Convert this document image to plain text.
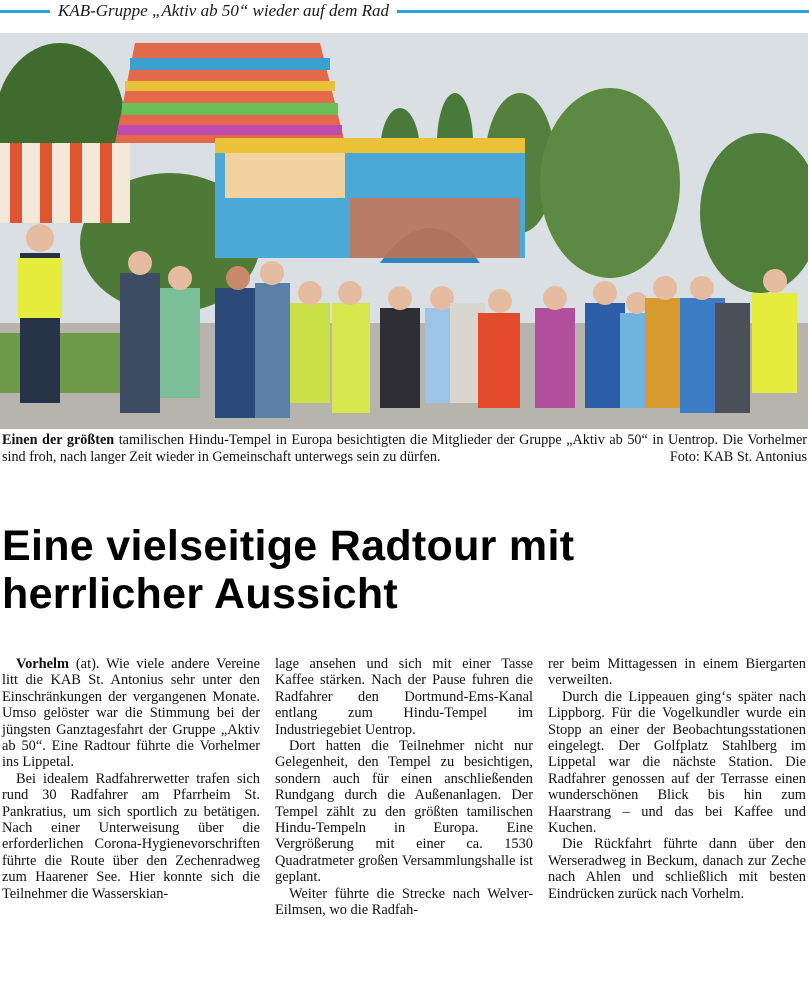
KAB-Gruppe „Aktiv ab 50“ wieder auf dem Rad
Einen der größten tamilischen Hindu-Tempel in Europa besichtigten die Mitglieder der Gruppe „Aktiv ab 50“ in Uentrop. Die Vorhelmer sind froh, nach langer Zeit wieder in Gemeinschaft unterwegs sein zu dürfen.	Foto: KAB St. Antonius
Eine vielseitige Radtour mit
herrlicher Aussicht

Vorhelm (at). Wie viele andere Vereine litt die KAB St. Antonius sehr unter den Einschränkungen der vergangenen Monate. Umso gelöster war die Stimmung bei der jüngsten Ganztagesfahrt der Gruppe „Aktiv ab 50“. Eine Radtour führte die Vorhelmer ins Lippetal.

Bei idealem Radfahrerwetter trafen sich rund 30 Radfahrer am Pfarrheim St. Pankratius, um sich sportlich zu betätigen. Nach einer Unterweisung über die erforderlichen Corona-Hygienevorschriften führte die Route über den Zechenradweg zum Haarener See. Hier konnte sich die Teilnehmer die Wasserskian-

lage ansehen und sich mit einer Tasse Kaffee stärken. Nach der Pause fuhren die Radfahrer den Dortmund-Ems-Kanal entlang zum Hindu-Tempel im Industriegebiet Uentrop.

Dort hatten die Teilnehmer nicht nur Gelegenheit, den Tempel zu besichtigen, sondern auch für einen anschließenden Rundgang durch die Außenanlagen. Der Tempel zählt zu den größten tamilischen Hindu-Tempeln in Europa. Eine Vergrößerung mit einer ca. 1530 Quadratmeter großen Versammlungshalle ist geplant.

Weiter führte die Strecke nach Welver-Eilmsen, wo die Radfah-

rer beim Mittagessen in einem Biergarten verweilten.

Durch die Lippeauen ging‘s später nach Lippborg. Für die Vogelkundler wurde ein Stopp an einer der Beobachtungsstationen eingelegt. Der Golfplatz Stahlberg im Lippetal war die nächste Station. Die Radfahrer genossen auf der Terrasse einen wunderschönen Blick bis hin zum Haarstrang – und das bei Kaffee und Kuchen.

Die Rückfahrt führte dann über den Werseradweg in Beckum, danach zur Zeche nach Ahlen und schließlich mit besten Eindrücken zurück nach Vorhelm.
